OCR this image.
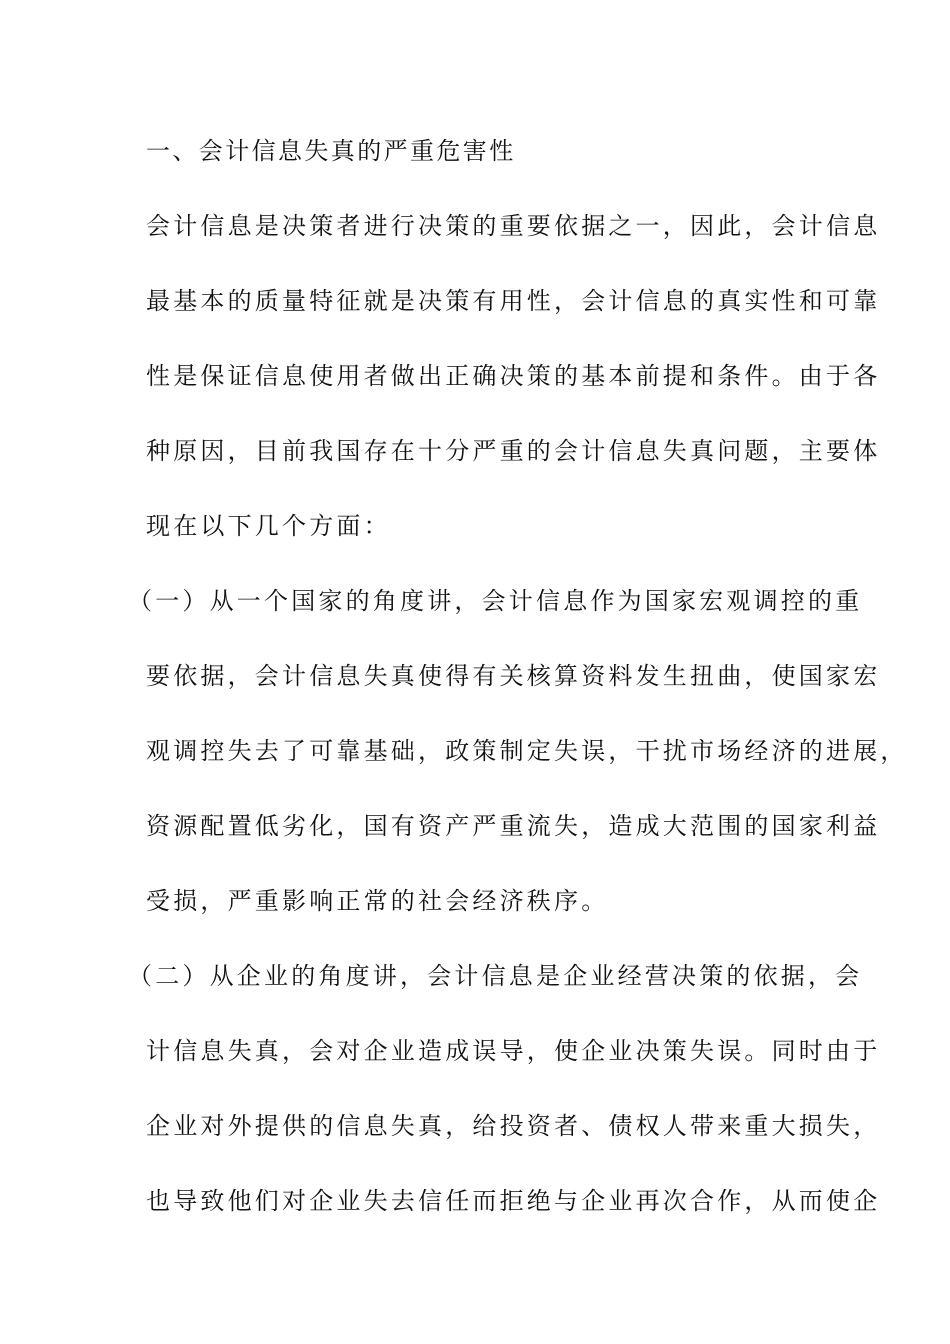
一、会计信息失真的严重危害性
会计信息是决策者进行决策的重要依据之一，因此，会计信息
最基本的质量特征就是决策有用性，会计信息的真实性和可靠
性是保证信息使用者做出正确决策的基本前提和条件。由于各
种原因，目前我国存在十分严重的会计信息失真问题，主要体
现在以下几个方面：
（一）从一个国家的角度讲，会计信息作为国家宏观调控的重
要依据，会计信息失真使得有关核算资料发生扭曲，使国家宏
观调控失去了可靠基础，政策制定失误，干扰市场经济的进展，
资源配置低劣化，国有资产严重流失，造成大范围的国家利益
受损，严重影响正常的社会经济秩序。
（二）从企业的角度讲，会计信息是企业经营决策的依据，会
计信息失真，会对企业造成误导，使企业决策失误。同时由于
企业对外提供的信息失真，给投资者、债权人带来重大损失，
也导致他们对企业失去信任而拒绝与企业再次合作，从而使企
